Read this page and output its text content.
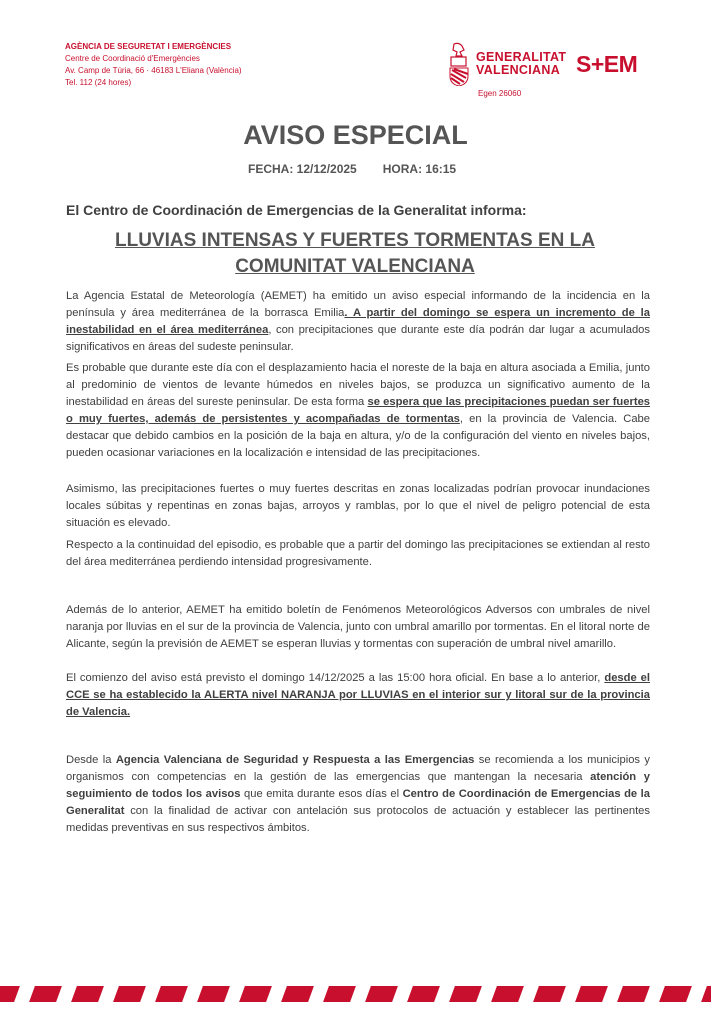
AGÈNCIA DE SEGURETAT I EMERGÈNCIES
Centre de Coordinació d'Emergències
Av. Camp de Túria, 66 · 46183 L'Eliana (València)
Tel. 112 (24 hores)
GENERALITAT
VALENCIANA
Egen 26060
S+EM
AVISO ESPECIAL
FECHA: 12/12/2025 HORA: 16:15
El Centro de Coordinación de Emergencias de la Generalitat informa:
LLUVIAS INTENSAS Y FUERTES TORMENTAS EN LA COMUNITAT VALENCIANA
La Agencia Estatal de Meteorología (AEMET) ha emitido un aviso especial informando de la incidencia en la península y área mediterránea de la borrasca Emilia. A partir del domingo se espera un incremento de la inestabilidad en el área mediterránea, con precipitaciones que durante este día podrán dar lugar a acumulados significativos en áreas del sudeste peninsular.
Es probable que durante este día con el desplazamiento hacia el noreste de la baja en altura asociada a Emilia, junto al predominio de vientos de levante húmedos en niveles bajos, se produzca un significativo aumento de la inestabilidad en áreas del sureste peninsular. De esta forma se espera que las precipitaciones puedan ser fuertes o muy fuertes, además de persistentes y acompañadas de tormentas, en la provincia de Valencia. Cabe destacar que debido cambios en la posición de la baja en altura, y/o de la configuración del viento en niveles bajos, pueden ocasionar variaciones en la localización e intensidad de las precipitaciones.
Asimismo, las precipitaciones fuertes o muy fuertes descritas en zonas localizadas podrían provocar inundaciones locales súbitas y repentinas en zonas bajas, arroyos y ramblas, por lo que el nivel de peligro potencial de esta situación es elevado.
Respecto a la continuidad del episodio, es probable que a partir del domingo las precipitaciones se extiendan al resto del área mediterránea perdiendo intensidad progresivamente.
Además de lo anterior, AEMET ha emitido boletín de Fenómenos Meteorológicos Adversos con umbrales de nivel naranja por lluvias en el sur de la provincia de Valencia, junto con umbral amarillo por tormentas. En el litoral norte de Alicante, según la previsión de AEMET se esperan lluvias y tormentas con superación de umbral nivel amarillo.
El comienzo del aviso está previsto el domingo 14/12/2025 a las 15:00 hora oficial. En base a lo anterior, desde el CCE se ha establecido la ALERTA nivel NARANJA por LLUVIAS en el interior sur y litoral sur de la provincia de Valencia.
Desde la Agencia Valenciana de Seguridad y Respuesta a las Emergencias se recomienda a los municipios y organismos con competencias en la gestión de las emergencias que mantengan la necesaria atención y seguimiento de todos los avisos que emita durante esos días el Centro de Coordinación de Emergencias de la Generalitat con la finalidad de activar con antelación sus protocolos de actuación y establecer las pertinentes medidas preventivas en sus respectivos ámbitos.
